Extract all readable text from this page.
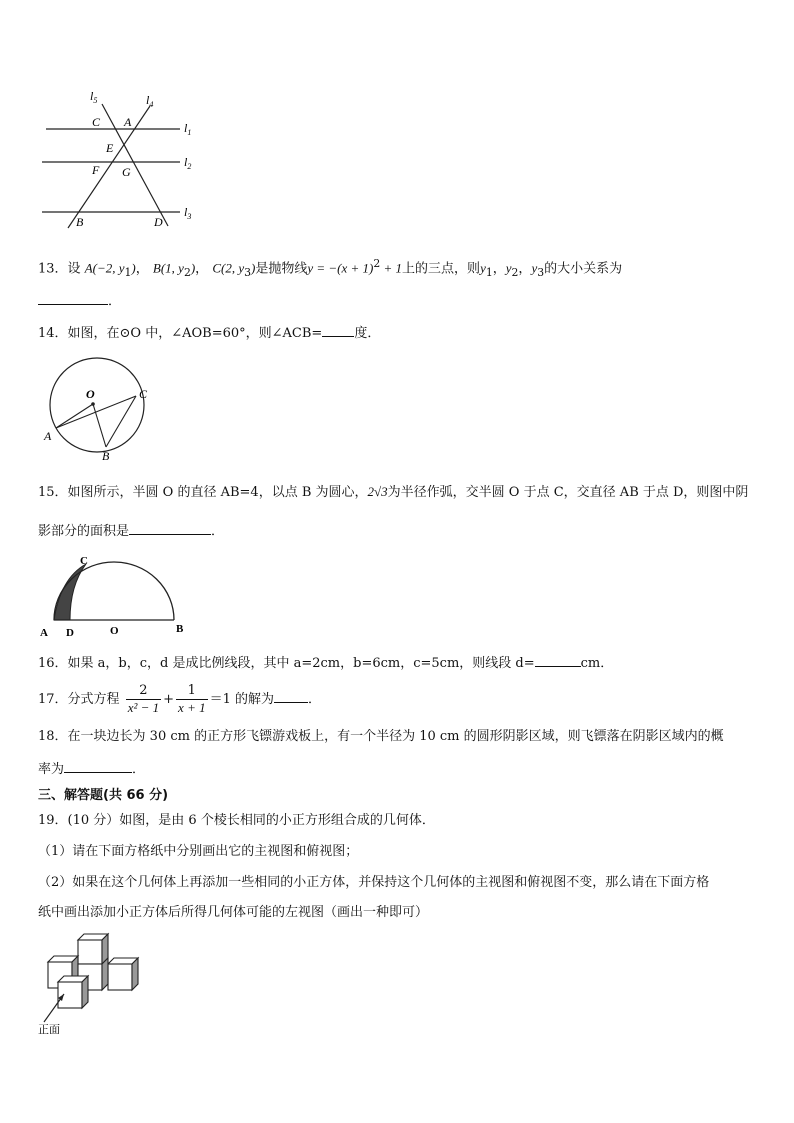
$l_5$	$l_4$
$l_1$
$l_2$
$l_3$
C A
E
F G
B	D
13．设 A(−2, $y_1$)， B(1, $y_2$)， C(2, $y_3$)是抛物线$y = -(x + 1)^2 + 1$上的三点，则$y_1$，$y_2$，$y_3$的大小关系为
．
14．如图，在⊙O 中，∠AOB=60°，则∠ACB= 度．
O
A
B
C
15．如图所示，半圆 O 的直径 AB=4，以点 B 为圆心，2√3为半径作弧，交半圆 O 于点 C，交直径 AB 于点 D，则图中阴
影部分的面积是	．
C
A D	O	B
16．如果 a，b，c，d 是成比例线段，其中 a=2cm，b=6cm，c=5cm，则线段 d=	cm．
17．分式方程 $\frac{2}{\text{x² − 1}} + \frac{1}{x + 1} =1$ 的解为	．
18．在一块边长为 30 cm 的正方形飞镖游戏板上，有一个半径为 10 cm 的圆形阴影区域，则飞镖落在阴影区域内的概
率为	．
三、解答题(共 66 分)
19．(10 分）如图，是由 6 个棱长相同的小正方形组合成的几何体．
（1）请在下面方格纸中分别画出它的主视图和俯视图；
（2）如果在这个几何体上再添加一些相同的小正方体，并保持这个几何体的主视图和俯视图不变，那么请在下面方格
纸中画出添加小正方体后所得几何体可能的左视图（画出一种即可）
正面
